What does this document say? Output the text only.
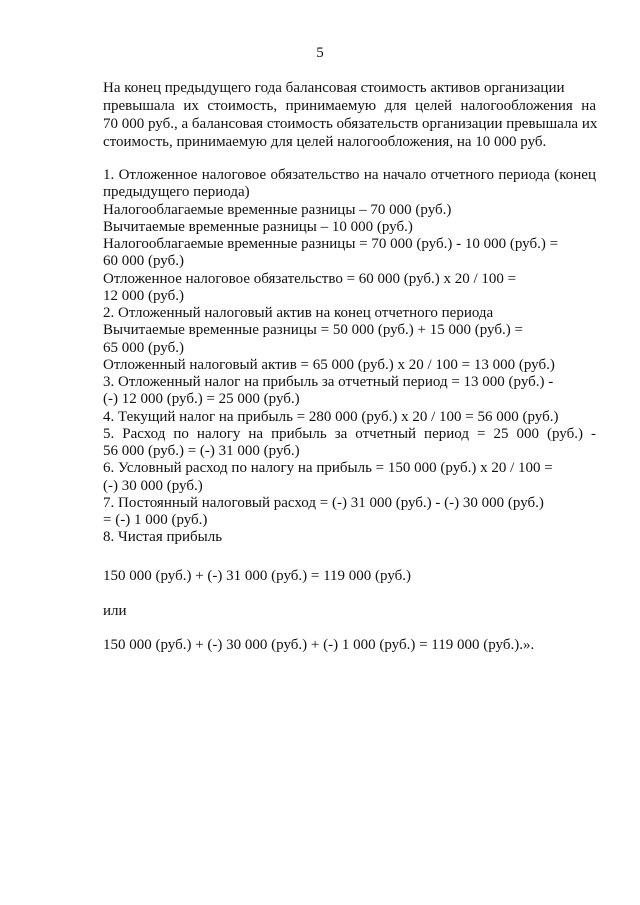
5
На конец предыдущего года балансовая стоимость активов организации
превышала их стоимость, принимаемую для целей налогообложения на
70 000 руб., а балансовая стоимость обязательств организации превышала их
стоимость, принимаемую для целей налогообложения, на 10 000 руб.
1. Отложенное налоговое обязательство на начало отчетного периода (конец
предыдущего периода)
Налогооблагаемые временные разницы – 70 000 (руб.)
Вычитаемые временные разницы – 10 000 (руб.)
Налогооблагаемые временные разницы = 70 000 (руб.) - 10 000 (руб.) =
60 000 (руб.)
Отложенное налоговое обязательство = 60 000 (руб.) х 20 / 100 =
12 000 (руб.)
2. Отложенный налоговый актив на конец отчетного периода
Вычитаемые временные разницы = 50 000 (руб.) + 15 000 (руб.) =
65 000 (руб.)
Отложенный налоговый актив = 65 000 (руб.) х 20 / 100 = 13 000 (руб.)
3. Отложенный налог на прибыль за отчетный период = 13 000 (руб.) -
(-) 12 000 (руб.) = 25 000 (руб.)
4. Текущий налог на прибыль = 280 000 (руб.) х 20 / 100 = 56 000 (руб.)
5. Расход по налогу на прибыль за отчетный период = 25 000 (руб.) -
56 000 (руб.) = (-) 31 000 (руб.)
6. Условный расход по налогу на прибыль = 150 000 (руб.) х 20 / 100 =
(-) 30 000 (руб.)
7. Постоянный налоговый расход = (-) 31 000 (руб.) - (-) 30 000 (руб.)
= (-) 1 000 (руб.)
8. Чистая прибыль
150 000 (руб.) + (-) 31 000 (руб.) = 119 000 (руб.)
или
150 000 (руб.) + (-) 30 000 (руб.) + (-) 1 000 (руб.) = 119 000 (руб.).».
